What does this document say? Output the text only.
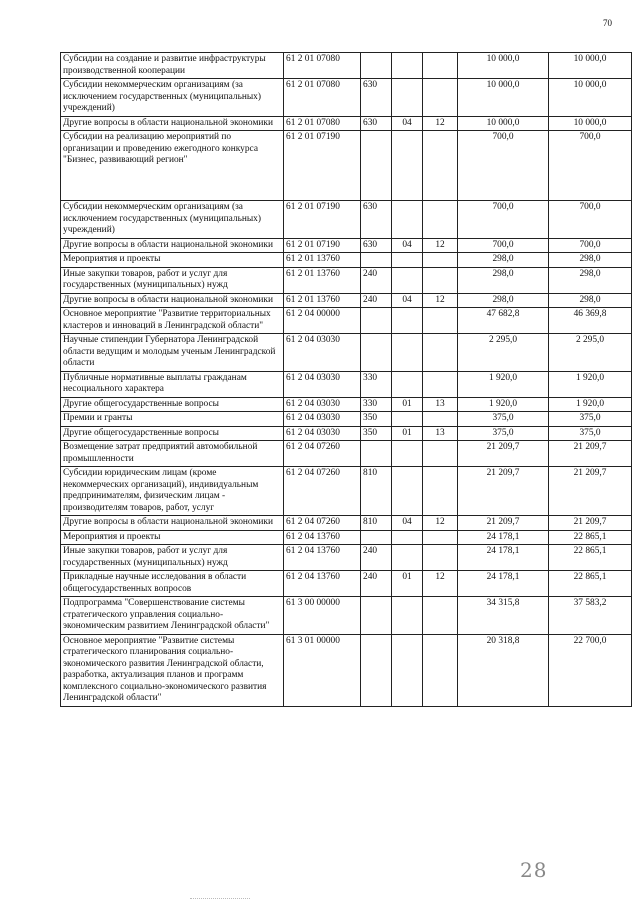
70
Субсидии на создание и развитие инфраструктуры производственной кооперации	61 2 01 07080				10 000,0	10 000,0
Субсидии некоммерческим организациям (за исключением государственных (муниципальных) учреждений)	61 2 01 07080	630			10 000,0	10 000,0
Другие вопросы в области национальной экономики	61 2 01 07080	630	04	12	10 000,0	10 000,0
Субсидии на реализацию мероприятий по организации и проведению ежегодного конкурса "Бизнес, развивающий регион"	61 2 01 07190				700,0	700,0
Субсидии некоммерческим организациям (за исключением государственных (муниципальных) учреждений)	61 2 01 07190	630			700,0	700,0
Другие вопросы в области национальной экономики	61 2 01 07190	630	04	12	700,0	700,0
Мероприятия и проекты	61 2 01 13760				298,0	298,0
Иные закупки товаров, работ и услуг для государственных (муниципальных) нужд	61 2 01 13760	240			298,0	298,0
Другие вопросы в области национальной экономики	61 2 01 13760	240	04	12	298,0	298,0
Основное мероприятие "Развитие территориальных кластеров и инноваций в Ленинградской области"	61 2 04 00000				47 682,8	46 369,8
Научные стипендии Губернатора Ленинградской области ведущим и молодым ученым Ленинградской области	61 2 04 03030				2 295,0	2 295,0
Публичные нормативные выплаты гражданам несоциального характера	61 2 04 03030	330			1 920,0	1 920,0
Другие общегосударственные вопросы	61 2 04 03030	330	01	13	1 920,0	1 920,0
Премии и гранты	61 2 04 03030	350			375,0	375,0
Другие общегосударственные вопросы	61 2 04 03030	350	01	13	375,0	375,0
Возмещение затрат предприятий автомобильной промышленности	61 2 04 07260				21 209,7	21 209,7
Субсидии юридическим лицам (кроме некоммерческих организаций), индивидуальным предпринимателям, физическим лицам - производителям товаров, работ, услуг	61 2 04 07260	810			21 209,7	21 209,7
Другие вопросы в области национальной экономики	61 2 04 07260	810	04	12	21 209,7	21 209,7
Мероприятия и проекты	61 2 04 13760				24 178,1	22 865,1
Иные закупки товаров, работ и услуг для государственных (муниципальных) нужд	61 2 04 13760	240			24 178,1	22 865,1
Прикладные научные исследования в области общегосударственных вопросов	61 2 04 13760	240	01	12	24 178,1	22 865,1
Подпрограмма "Совершенствование системы стратегического управления социально-экономическим развитием Ленинградской области"	61 3 00 00000				34 315,8	37 583,2
Основное мероприятие "Развитие системы стратегического планирования социально-экономического развития Ленинградской области, разработка, актуализация планов и программ комплексного социально-экономического развития Ленинградской области"	61 3 01 00000				20 318,8	22 700,0
28
